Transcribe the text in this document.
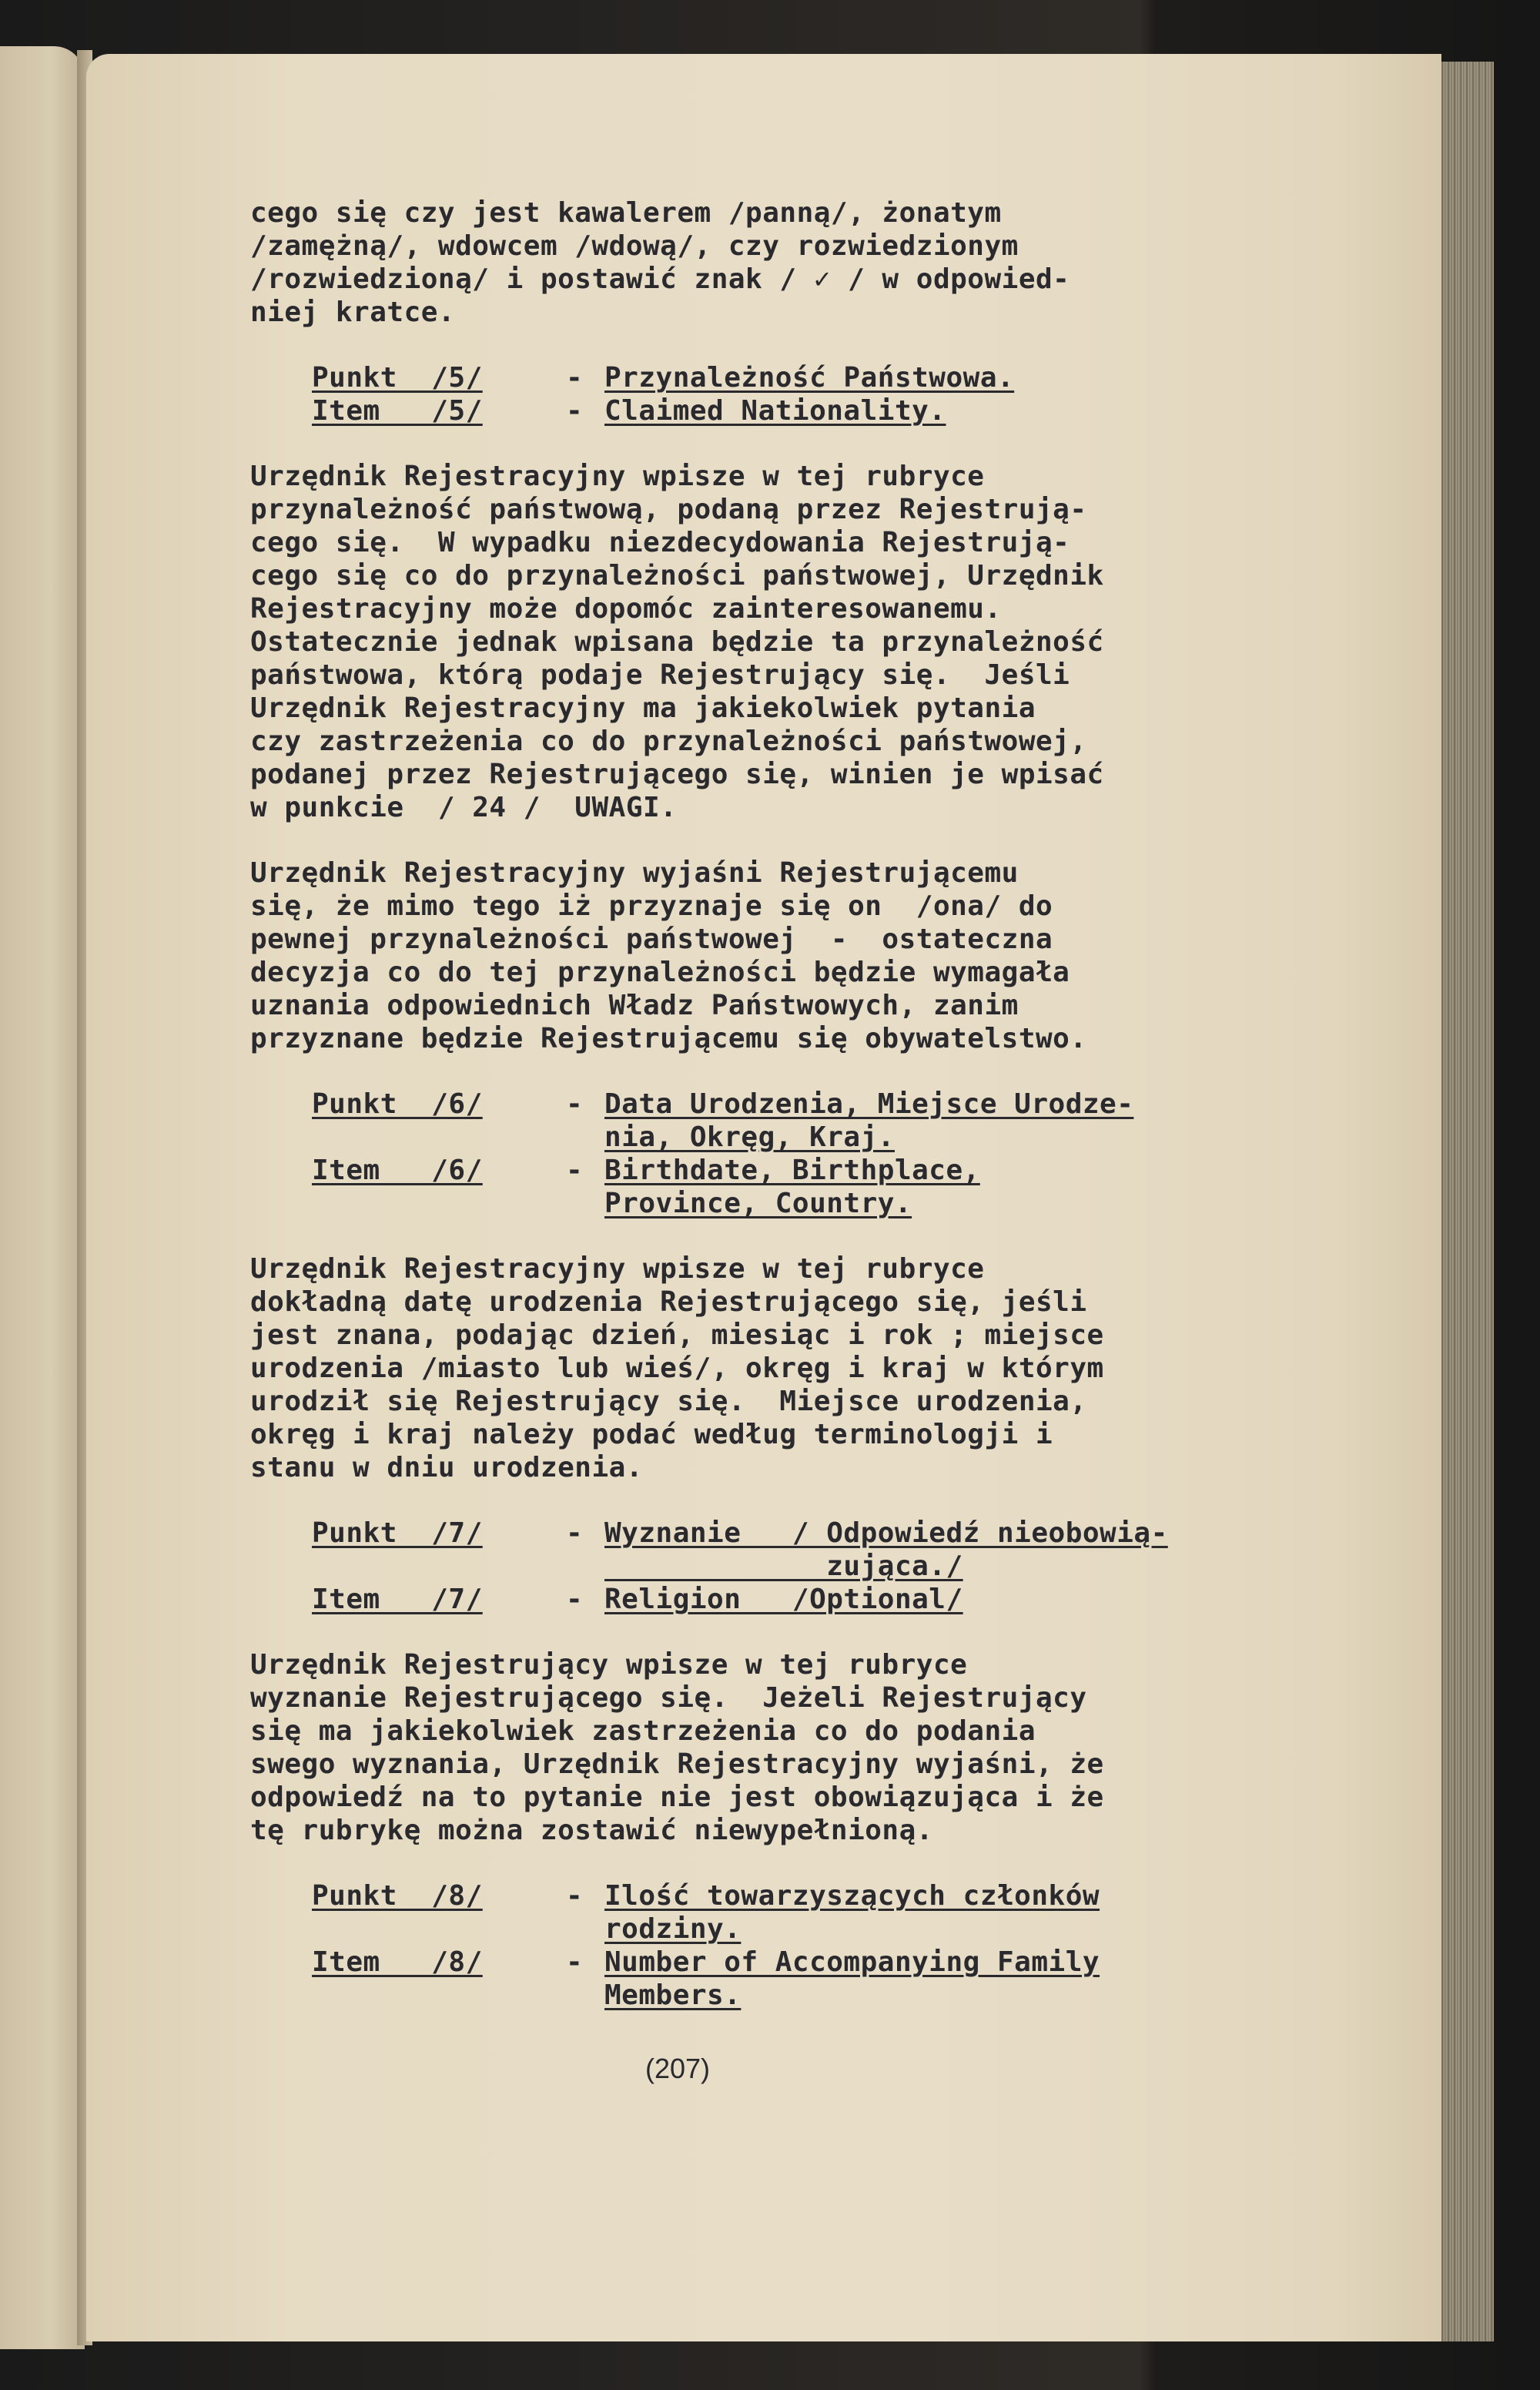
cego się czy jest kawalerem /panną/, żonatym
/zamężną/, wdowcem /wdową/, czy rozwiedzionym
/rozwiedzioną/ i postawić znak / ✓ / w odpowied-
niej kratce.
Punkt  /5/	- Przynależność Państwowa.
Item   /5/	- Claimed Nationality.
Urzędnik Rejestracyjny wpisze w tej rubryce
przynależność państwową, podaną przez Rejestrują-
cego się.  W wypadku niezdecydowania Rejestrują-
cego się co do przynależności państwowej, Urzędnik
Rejestracyjny może dopomóc zainteresowanemu.
Ostatecznie jednak wpisana będzie ta przynależność
państwowa, którą podaje Rejestrujący się.  Jeśli
Urzędnik Rejestracyjny ma jakiekolwiek pytania
czy zastrzeżenia co do przynależności państwowej,
podanej przez Rejestrującego się, winien je wpisać
w punkcie  / 24 /  UWAGI.
Urzędnik Rejestracyjny wyjaśni Rejestrującemu
się, że mimo tego iż przyznaje się on  /ona/ do
pewnej przynależności państwowej  -  ostateczna
decyzja co do tej przynależności będzie wymagała
uznania odpowiednich Władz Państwowych, zanim
przyznane będzie Rejestrującemu się obywatelstwo.
Punkt  /6/	- Data Urodzenia, Miejsce Urodze-
nia, Okręg, Kraj.
Item   /6/	- Birthdate, Birthplace,
Province, Country.
Urzędnik Rejestracyjny wpisze w tej rubryce
dokładną datę urodzenia Rejestrującego się, jeśli
jest znana, podając dzień, miesiąc i rok ; miejsce
urodzenia /miasto lub wieś/, okręg i kraj w którym
urodził się Rejestrujący się.  Miejsce urodzenia,
okręg i kraj należy podać według terminologji i
stanu w dniu urodzenia.
Punkt  /7/	- Wyznanie   / Odpowiedź nieobowią-
zująca./
Item   /7/	- Religion   /Optional/
Urzędnik Rejestrujący wpisze w tej rubryce
wyznanie Rejestrującego się.  Jeżeli Rejestrujący
się ma jakiekolwiek zastrzeżenia co do podania
swego wyznania, Urzędnik Rejestracyjny wyjaśni, że
odpowiedź na to pytanie nie jest obowiązująca i że
tę rubrykę można zostawić niewypełnioną.
Punkt  /8/	- Ilość towarzyszących członków
rodziny.
Item   /8/	- Number of Accompanying Family
Members.
(207)
